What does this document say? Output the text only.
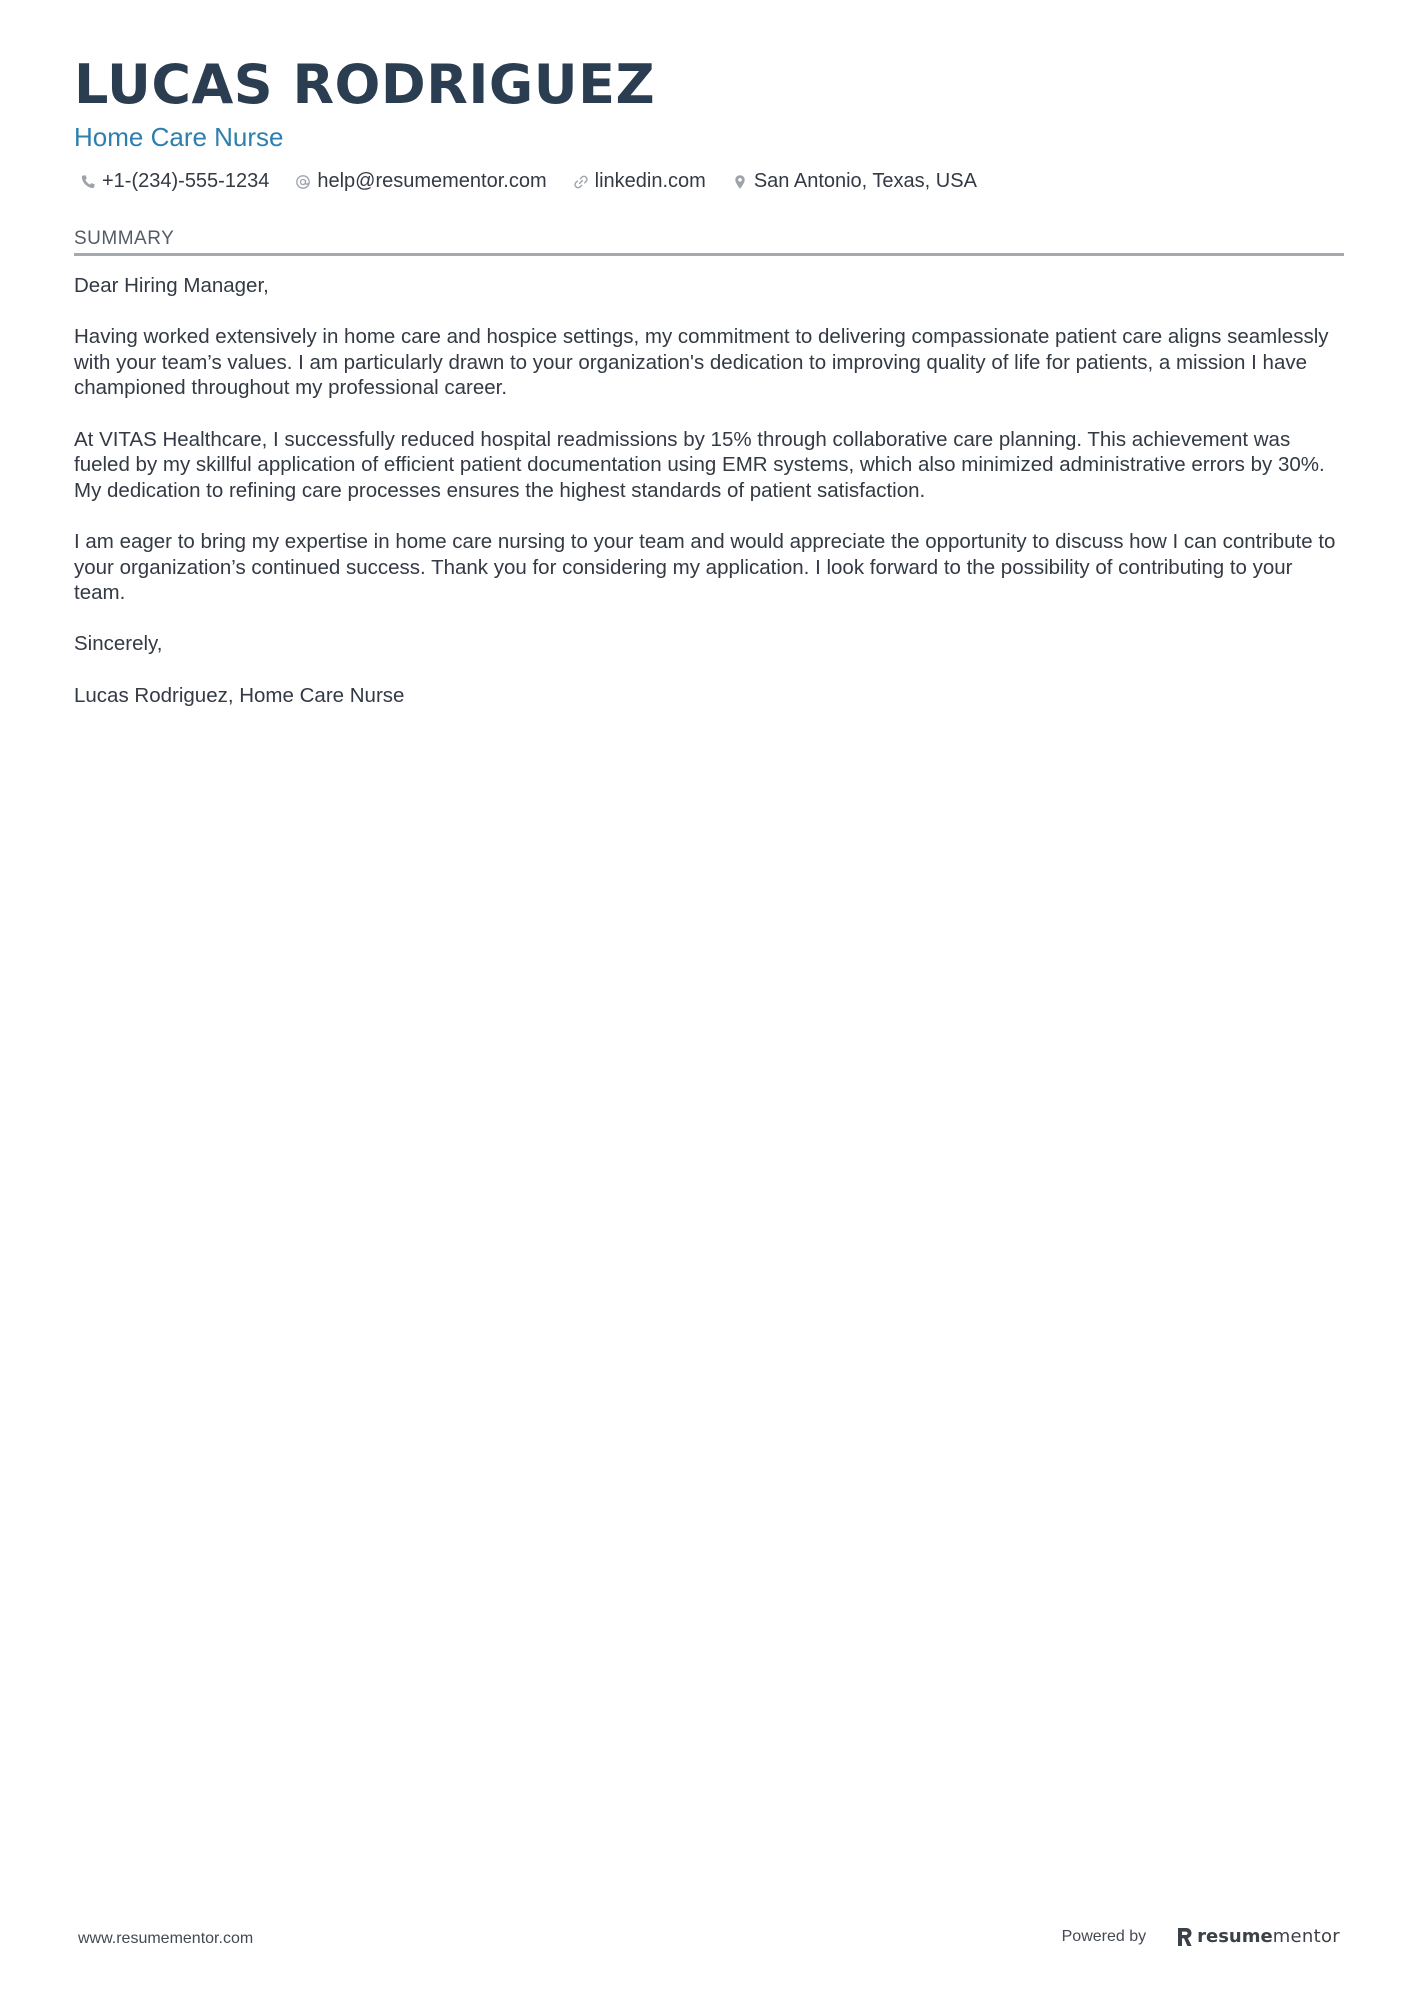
LUCAS RODRIGUEZ
Home Care Nurse
+1-(234)-555-1234 help@resumementor.com linkedin.com San Antonio, Texas, USA
SUMMARY

Dear Hiring Manager,

Having worked extensively in home care and hospice settings, my commitment to delivering compassionate patient care aligns seamlessly with your team’s values. I am particularly drawn to your organization's dedication to improving quality of life for patients, a mission I have championed throughout my professional career.

At VITAS Healthcare, I successfully reduced hospital readmissions by 15% through collaborative care planning. This achievement was fueled by my skillful application of efficient patient documentation using EMR systems, which also minimized administrative errors by 30%. My dedication to refining care processes ensures the highest standards of patient satisfaction.

I am eager to bring my expertise in home care nursing to your team and would appreciate the opportunity to discuss how I can contribute to your organization’s continued success. Thank you for considering my application. I look forward to the possibility of contributing to your team.

Sincerely,

Lucas Rodriguez, Home Care Nurse

www.resumementor.com	Powered by	resumementor
